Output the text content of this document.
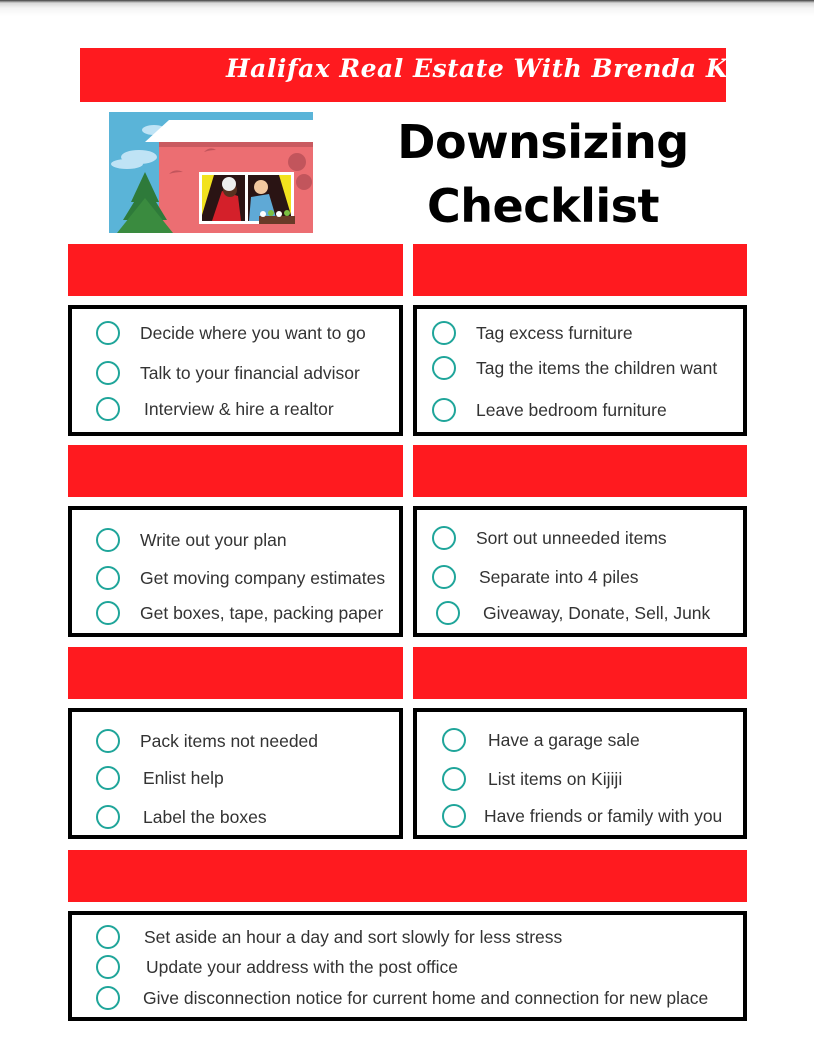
Halifax Real Estate With Brenda K
Downsizing
Checklist
Decide where you want to go
Talk to your financial advisor
Interview & hire a realtor
Tag excess furniture
Tag the items the children want
Leave bedroom furniture
Write out your plan
Get moving company estimates
Get boxes, tape, packing paper
Sort out unneeded items
Separate into 4 piles
Giveaway, Donate, Sell, Junk
Pack items not needed
Enlist help
Label the boxes
Have a garage sale
List items on Kijiji
Have friends or family with you
Set aside an hour a day and sort slowly for less stress
Update your address with the post office
Give disconnection notice for current home and connection for new place
